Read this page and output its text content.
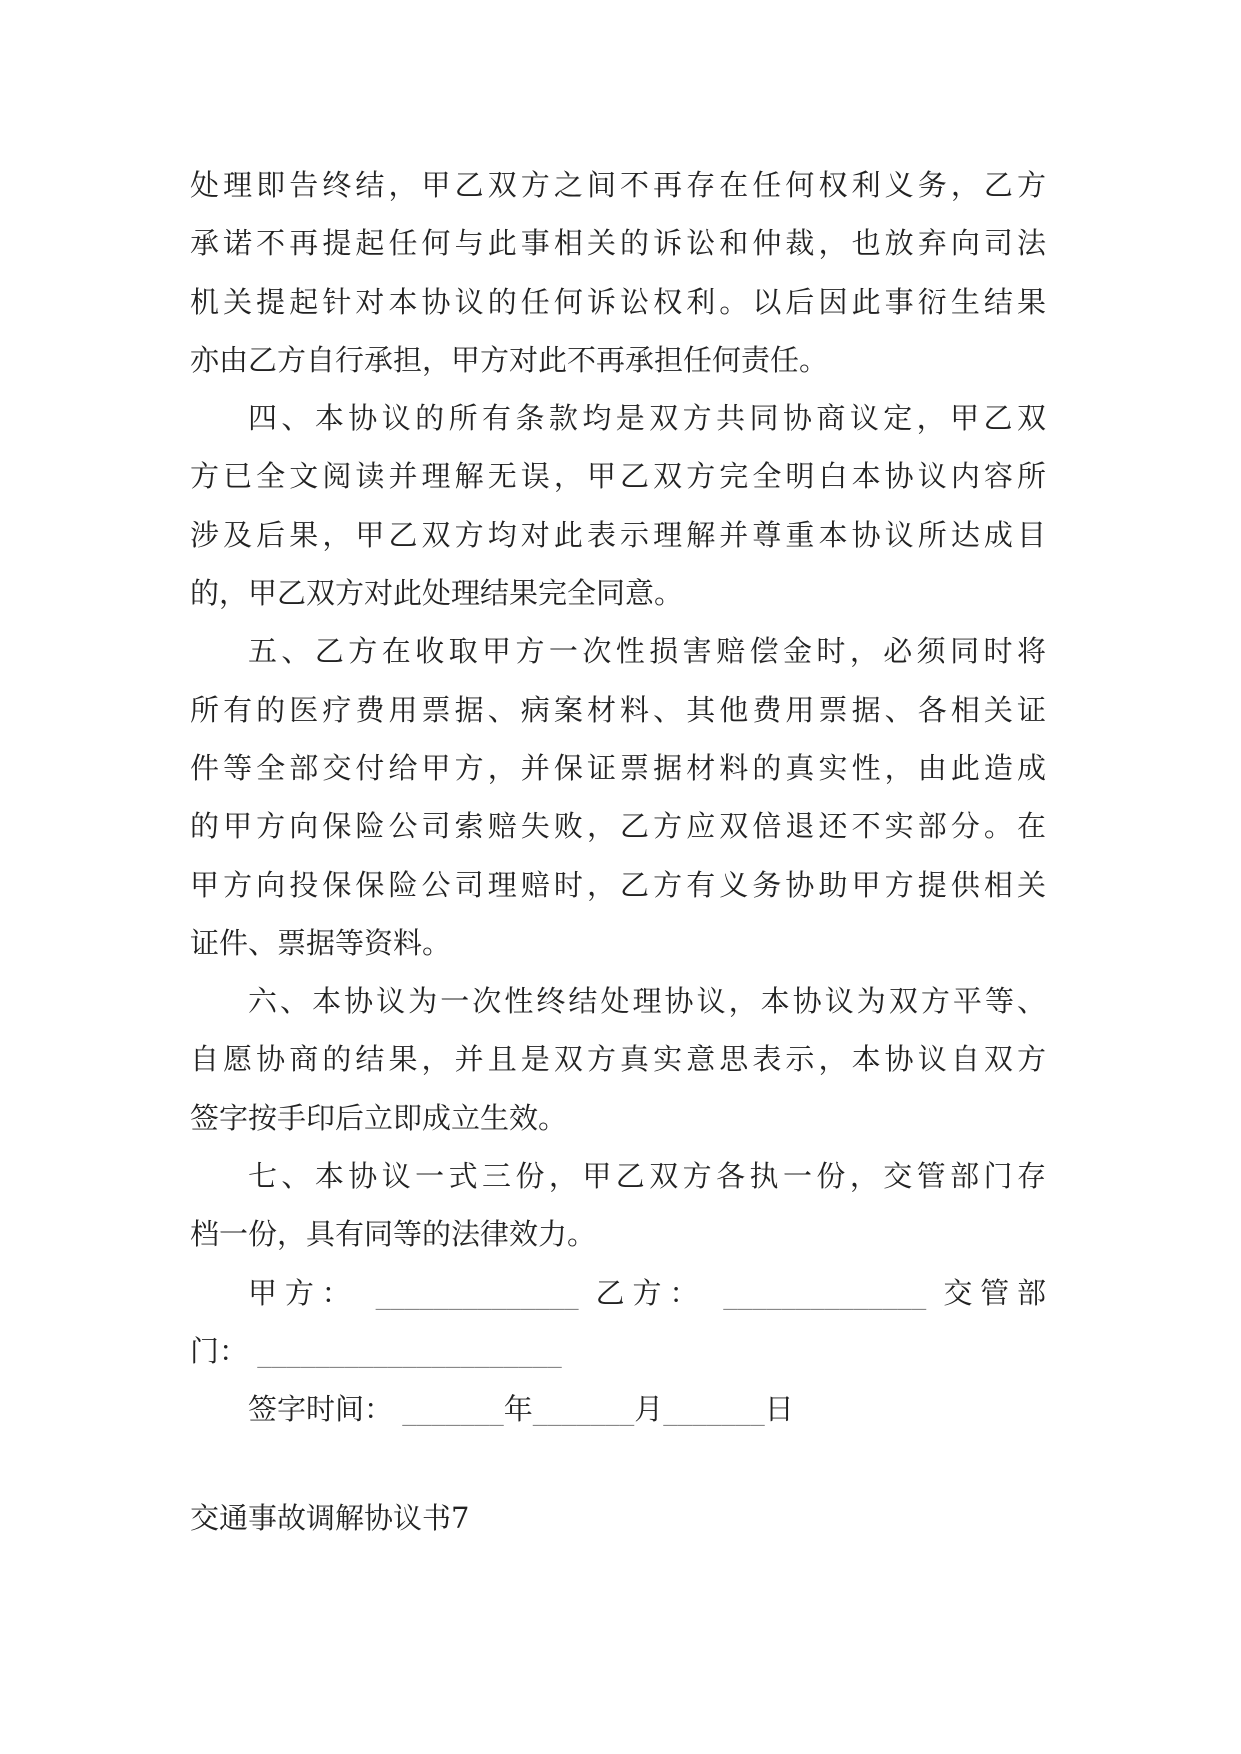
处理即告终结，甲乙双方之间不再存在任何权利义务，乙方
承诺不再提起任何与此事相关的诉讼和仲裁，也放弃向司法
机关提起针对本协议的任何诉讼权利。以后因此事衍生结果
亦由乙方自行承担，甲方对此不再承担任何责任。
四、本协议的所有条款均是双方共同协商议定，甲乙双
方已全文阅读并理解无误，甲乙双方完全明白本协议内容所
涉及后果，甲乙双方均对此表示理解并尊重本协议所达成目
的，甲乙双方对此处理结果完全同意。
五、乙方在收取甲方一次性损害赔偿金时，必须同时将
所有的医疗费用票据、病案材料、其他费用票据、各相关证
件等全部交付给甲方，并保证票据材料的真实性，由此造成
的甲方向保险公司索赔失败，乙方应双倍退还不实部分。在
甲方向投保保险公司理赔时，乙方有义务协助甲方提供相关
证件、票据等资料。
六、本协议为一次性终结处理协议，本协议为双方平等、
自愿协商的结果，并且是双方真实意思表示，本协议自双方
签字按手印后立即成立生效。
七、本协议一式三份，甲乙双方各执一份，交管部门存
档一份，具有同等的法律效力。
甲方： ______________ 乙方： ______________ 交管部
门： _____________________
签字时间： _______年_______月_______日
交通事故调解协议书7
